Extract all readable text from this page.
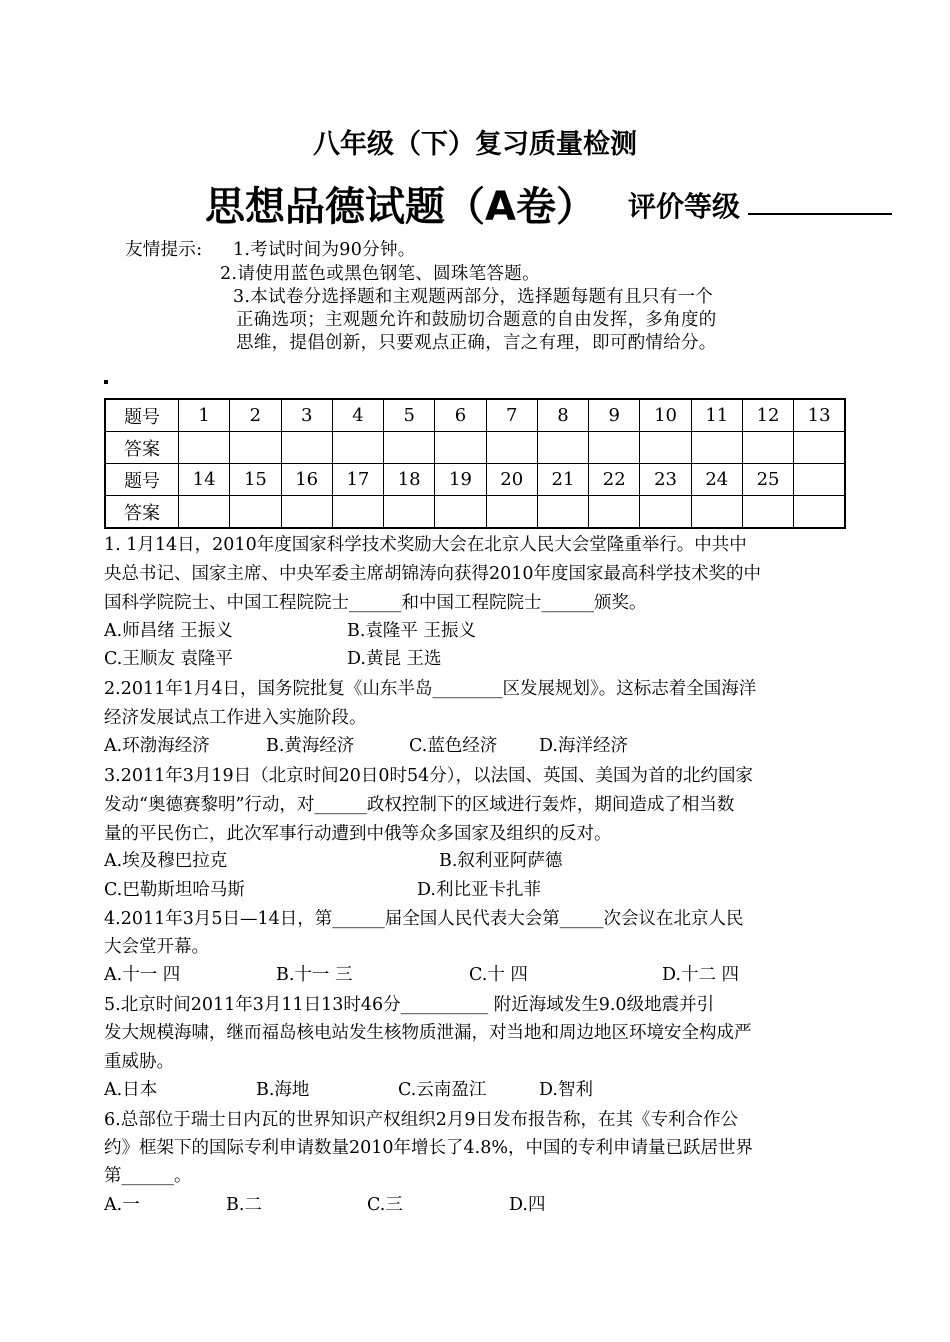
八年级（下）复习质量检测
思想品德试题（A卷） 评价等级
友情提示: 1.考试时间为90分钟。
2.请使用蓝色或黑色钢笔、圆珠笔答题。
3.本试卷分选择题和主观题两部分，选择题每题有且只有一个
正确选项；主观题允许和鼓励切合题意的自由发挥，多角度的
思维，提倡创新，只要观点正确，言之有理，即可酌情给分。
题号	1	2	3	4	5	6	7	8	9	10	11	12	13
答案													
题号	14	15	16	17	18	19	20	21	22	23	24	25	
答案													
1. 1月14日，2010年度国家科学技术奖励大会在北京人民大会堂隆重举行。中共中
央总书记、国家主席、中央军委主席胡锦涛向获得2010年度国家最高科学技术奖的中
国科学院院士、中国工程院院士______和中国工程院院士______颁奖。
A.师昌绪 王振义	B.袁隆平 王振义
C.王顺友 袁隆平	D.黄昆 王选
2.2011年1月4日，国务院批复《山东半岛________区发展规划》。这标志着全国海洋
经济发展试点工作进入实施阶段。
A.环渤海经济	B.黄海经济	C.蓝色经济 D.海洋经济
3.2011年3月19日（北京时间20日0时54分），以法国、英国、美国为首的北约国家
发动“奥德赛黎明”行动，对______政权控制下的区域进行轰炸，期间造成了相当数
量的平民伤亡，此次军事行动遭到中俄等众多国家及组织的反对。
A.埃及穆巴拉克	B.叙利亚阿萨德
C.巴勒斯坦哈马斯	D.利比亚卡扎菲
4.2011年3月5日—14日，第______届全国人民代表大会第_____次会议在北京人民
大会堂开幕。
A.十一 四	B.十一 三	C.十 四	D.十二 四
5.北京时间2011年3月11日13时46分__________ 附近海域发生9.0级地震并引
发大规模海啸，继而福岛核电站发生核物质泄漏，对当地和周边地区环境安全构成严
重威胁。
A.日本	B.海地	C.云南盈江	D.智利
6.总部位于瑞士日内瓦的世界知识产权组织2月9日发布报告称，在其《专利合作公
约》框架下的国际专利申请数量2010年增长了4.8%，中国的专利申请量已跃居世界
第______。
A.一	B.二	C.三	D.四
